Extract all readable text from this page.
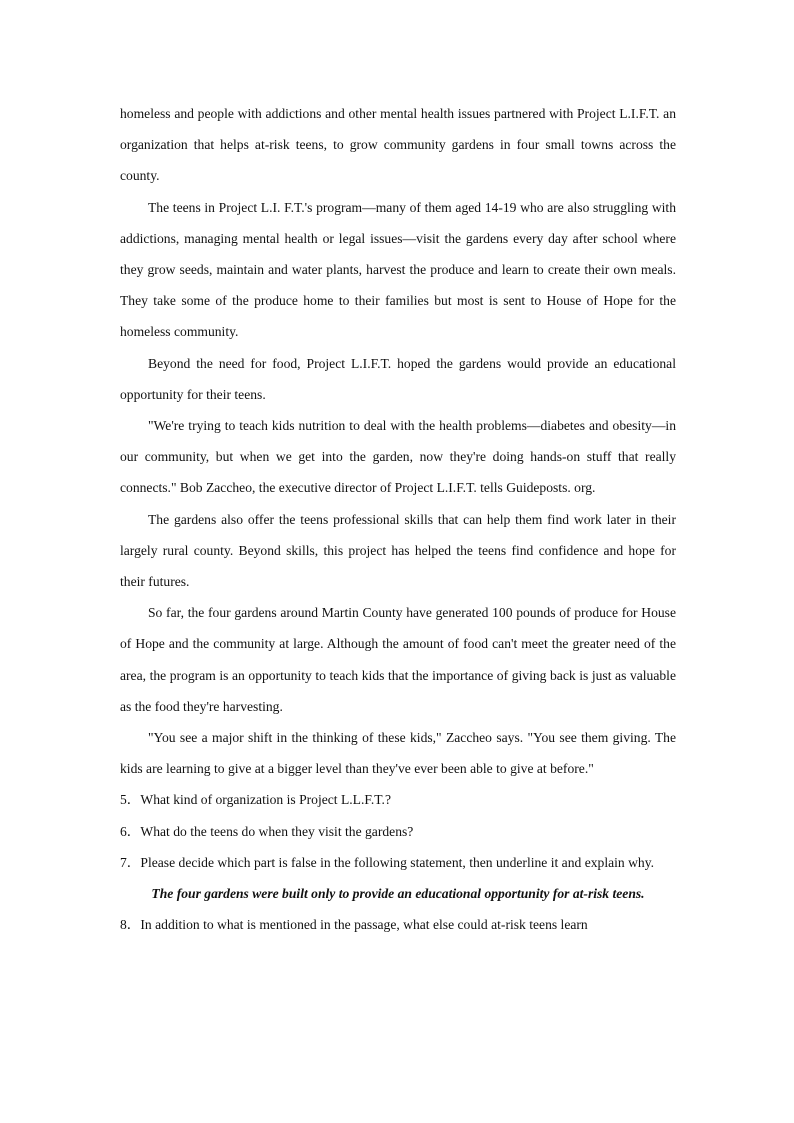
homeless and people with addictions and other mental health issues partnered with Project L.I.F.T. an organization that helps at-risk teens, to grow community gardens in four small towns across the county.

The teens in Project L.I. F.T.'s program—many of them aged 14-19 who are also struggling with addictions, managing mental health or legal issues—visit the gardens every day after school where they grow seeds, maintain and water plants, harvest the produce and learn to create their own meals. They take some of the produce home to their families but most is sent to House of Hope for the homeless community.

Beyond the need for food, Project L.I.F.T. hoped the gardens would provide an educational opportunity for their teens.

"We're trying to teach kids nutrition to deal with the health problems—diabetes and obesity—in our community, but when we get into the garden, now they're doing hands-on stuff that really connects." Bob Zaccheo, the executive director of Project L.I.F.T. tells Guideposts. org.

The gardens also offer the teens professional skills that can help them find work later in their largely rural county. Beyond skills, this project has helped the teens find confidence and hope for their futures.

So far, the four gardens around Martin County have generated 100 pounds of produce for House of Hope and the community at large. Although the amount of food can't meet the greater need of the area, the program is an opportunity to teach kids that the importance of giving back is just as valuable as the food they're harvesting.

"You see a major shift in the thinking of these kids," Zaccheo says. "You see them giving. The kids are learning to give at a bigger level than they've ever been able to give at before."

5．What kind of organization is Project L.L.F.T.?

6．What do the teens do when they visit the gardens?

7．Please decide which part is false in the following statement, then underline it and explain why.

The four gardens were built only to provide an educational opportunity for at-risk teens.

8．In addition to what is mentioned in the passage, what else could at-risk teens learn
